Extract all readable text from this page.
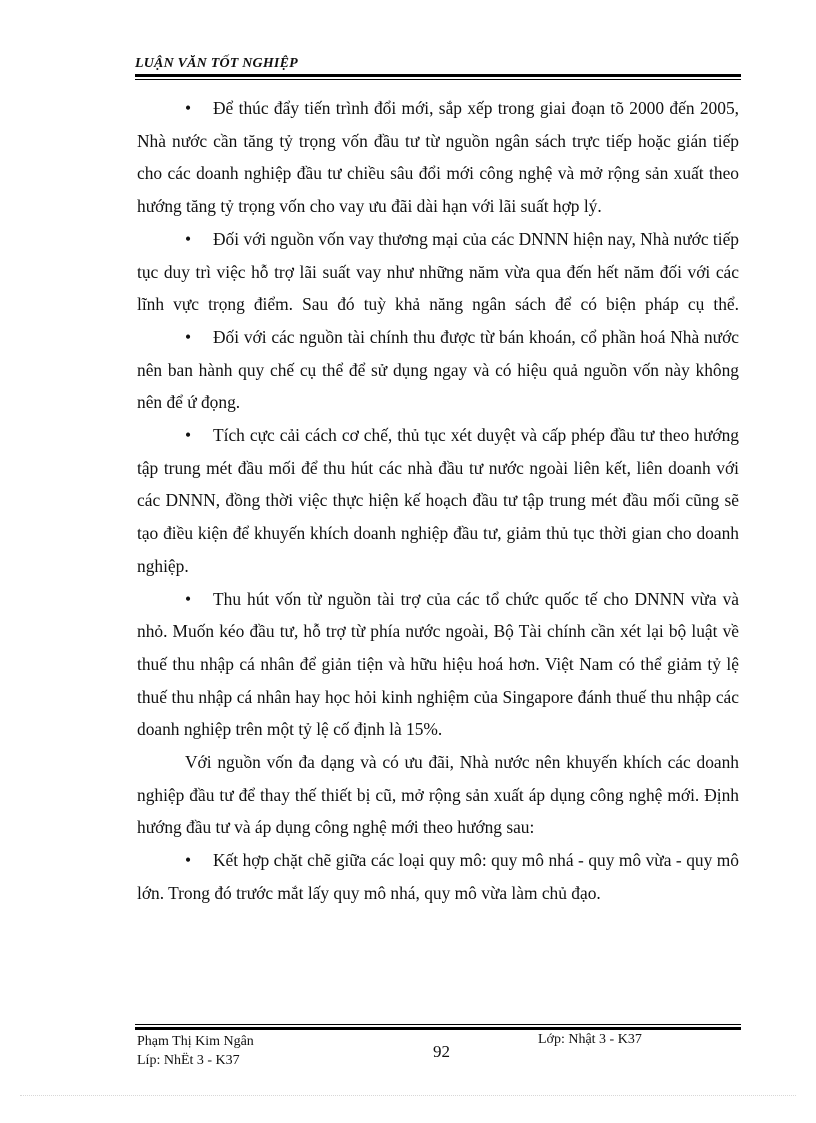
LUẬN VĂN TỐT NGHIỆP

• Để thúc đẩy tiến trình đổi mới, sắp xếp trong giai đoạn tõ 2000 đến 2005, Nhà nước cần tăng tỷ trọng vốn đầu tư từ nguồn ngân sách trực tiếp hoặc gián tiếp cho các doanh nghiệp đầu tư chiều sâu đổi mới công nghệ và mở rộng sản xuất theo hướng tăng tỷ trọng vốn cho vay ưu đãi dài hạn với lãi suất hợp lý.

• Đối với nguồn vốn vay thương mại của các DNNN hiện nay, Nhà nước tiếp tục duy trì việc hỗ trợ lãi suất vay như những năm vừa qua đến hết năm đối với các lĩnh vực trọng điểm. Sau đó tuỳ khả năng ngân sách để có biện pháp cụ thể.

• Đối với các nguồn tài chính thu được từ bán khoán, cổ phần hoá Nhà nước nên ban hành quy chế cụ thể để sử dụng ngay và có hiệu quả nguồn vốn này không nên để ứ đọng.

• Tích cực cải cách cơ chế, thủ tục xét duyệt và cấp phép đầu tư theo hướng tập trung mét đầu mối để thu hút các nhà đầu tư nước ngoài liên kết, liên doanh với các DNNN, đồng thời việc thực hiện kế hoạch đầu tư tập trung mét đầu mối cũng sẽ tạo điều kiện để khuyến khích doanh nghiệp đầu tư, giảm thủ tục thời gian cho doanh nghiệp.

• Thu hút vốn từ nguồn tài trợ của các tổ chức quốc tế cho DNNN vừa và nhỏ. Muốn kéo đầu tư, hỗ trợ từ phía nước ngoài, Bộ Tài chính cần xét lại bộ luật về thuế thu nhập cá nhân để giản tiện và hữu hiệu hoá hơn. Việt Nam có thể giảm tỷ lệ thuế thu nhập cá nhân hay học hỏi kinh nghiệm của Singapore đánh thuế thu nhập các doanh nghiệp trên một tỷ lệ cố định là 15%.

Với nguồn vốn đa dạng và có ưu đãi, Nhà nước nên khuyến khích các doanh nghiệp đầu tư để thay thế thiết bị cũ, mở rộng sản xuất áp dụng công nghệ mới. Định hướng đầu tư và áp dụng công nghệ mới theo hướng sau:

• Kết hợp chặt chẽ giữa các loại quy mô: quy mô nhá - quy mô vừa - quy mô lớn. Trong đó trước mắt lấy quy mô nhá, quy mô vừa làm chủ đạo.

Phạm Thị Kim Ngân
Líp: NhËt 3 - K37	92
Lớp: Nhật 3 - K37
